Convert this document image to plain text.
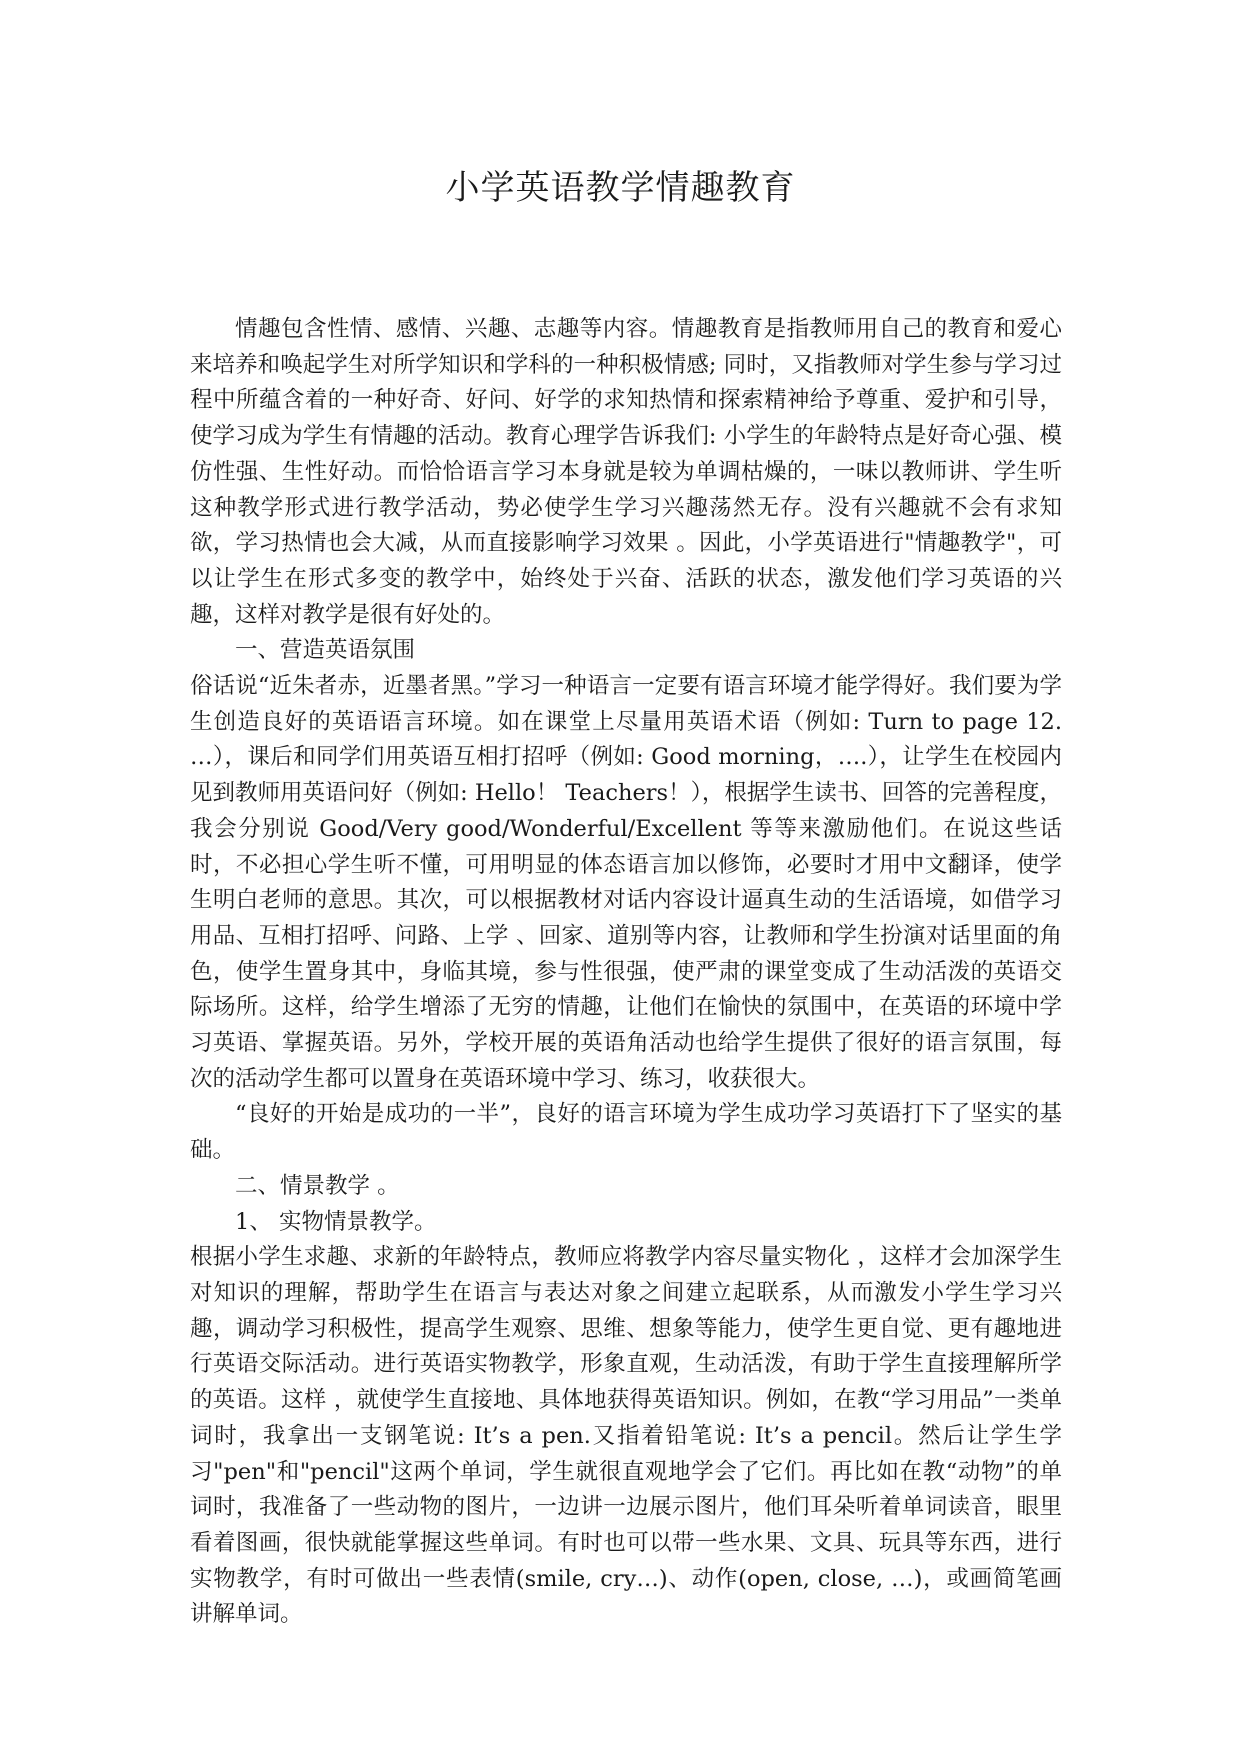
小学英语教学情趣教育

情趣包含性情、感情、兴趣、志趣等内容。情趣教育是指教师用自己的教育和爱心来培养和唤起学生对所学知识和学科的一种积极情感; 同时，又指教师对学生参与学习过程中所蕴含着的一种好奇、好问、好学的求知热情和探索精神给予尊重、爱护和引导，使学习成为学生有情趣的活动。教育心理学告诉我们: 小学生的年龄特点是好奇心强、模仿性强、生性好动。而恰恰语言学习本身就是较为单调枯燥的，一味以教师讲、学生听这种教学形式进行教学活动，势必使学生学习兴趣荡然无存。没有兴趣就不会有求知欲，学习热情也会大减，从而直接影响学习效果 。因此，小学英语进行"情趣教学"，可以让学生在形式多变的教学中，始终处于兴奋、活跃的状态，激发他们学习英语的兴趣，这样对教学是很有好处的。

一、营造英语氛围

俗话说“近朱者赤，近墨者黑。”学习一种语言一定要有语言环境才能学得好。我们要为学生创造良好的英语语言环境。如在课堂上尽量用英语术语（例如: Turn to page 12. …），课后和同学们用英语互相打招呼（例如: Good morning，….），让学生在校园内见到教师用英语问好（例如: Hello！ Teachers！），根据学生读书、回答的完善程度，我会分别说 Good/Very good/Wonderful/Excellent 等等来激励他们。在说这些话时，不必担心学生听不懂，可用明显的体态语言加以修饰，必要时才用中文翻译，使学生明白老师的意思。其次，可以根据教材对话内容设计逼真生动的生活语境，如借学习用品、互相打招呼、问路、上学 、回家、道别等内容，让教师和学生扮演对话里面的角色，使学生置身其中，身临其境，参与性很强，使严肃的课堂变成了生动活泼的英语交际场所。这样，给学生增添了无穷的情趣，让他们在愉快的氛围中，在英语的环境中学习英语、掌握英语。另外，学校开展的英语角活动也给学生提供了很好的语言氛围，每次的活动学生都可以置身在英语环境中学习、练习，收获很大。

“良好的开始是成功的一半”，良好的语言环境为学生成功学习英语打下了坚实的基础。

二、情景教学 。

1、 实物情景教学。

根据小学生求趣、求新的年龄特点，教师应将教学内容尽量实物化 ，这样才会加深学生对知识的理解，帮助学生在语言与表达对象之间建立起联系，从而激发小学生学习兴趣，调动学习积极性，提高学生观察、思维、想象等能力，使学生更自觉、更有趣地进行英语交际活动。进行英语实物教学，形象直观，生动活泼，有助于学生直接理解所学的英语。这样 ，就使学生直接地、具体地获得英语知识。例如，在教“学习用品”一类单词时，我拿出一支钢笔说: It’s a pen.又指着铅笔说: It’s a pencil。然后让学生学习"pen"和"pencil"这两个单词，学生就很直观地学会了它们。再比如在教“动物”的单词时，我准备了一些动物的图片，一边讲一边展示图片，他们耳朵听着单词读音，眼里看着图画，很快就能掌握这些单词。有时也可以带一些水果、文具、玩具等东西，进行实物教学，有时可做出一些表情(smile, cry…)、动作(open, close, …)，或画简笔画讲解单词。
